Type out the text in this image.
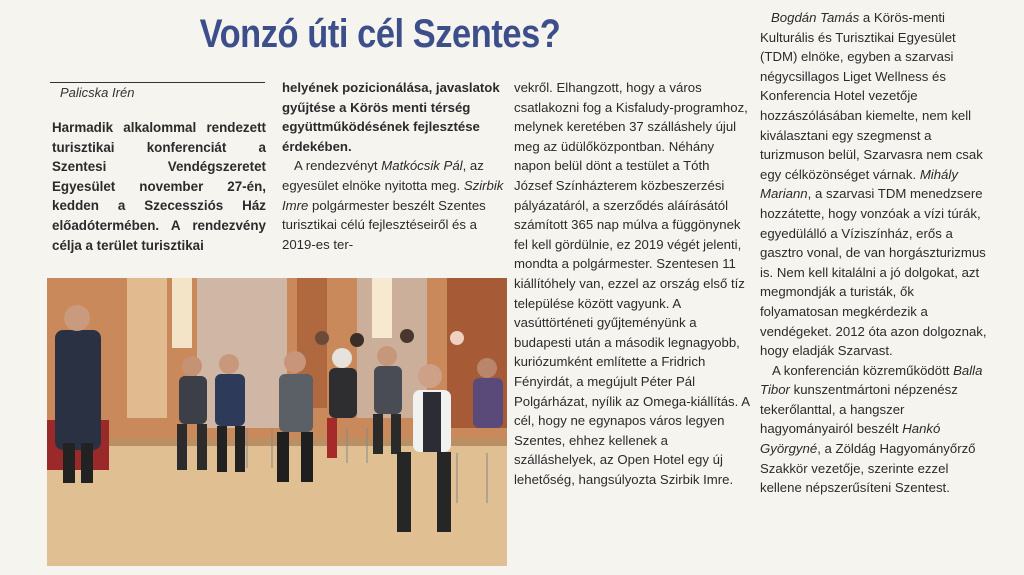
Vonzó úti cél Szentes?
Palicska Irén
Harmadik alkalommal rendezett turisztikai konferenciát a Szentesi Vendégszeretet Egyesület november 27-én, kedden a Szecessziós Ház előadótermében. A rendezvény célja a terület turisztikai

helyének pozicionálása, javaslatok gyűjtése a Körös menti térség együttműködésének fejlesztése érdekében.

A rendezvényt Matkócsik Pál, az egyesület elnöke nyitotta meg. Szirbik Imre polgármester beszélt Szentes turisztikai célú fejlesztéseiről és a 2019-es ter-

vekről. Elhangzott, hogy a város csatlakozni fog a Kisfaludy-programhoz, melynek keretében 37 szálláshely újul meg az üdülőközpontban. Néhány napon belül dönt a testület a Tóth József Színházterem közbeszerzési pályázatáról, a szerződés aláírásától számított 365 nap múlva a függönynek fel kell gördülnie, ez 2019 végét jelenti, mondta a polgármester. Szentesen 11 kiállítóhely van, ezzel az ország első tíz települése között vagyunk. A vasúttörténeti gyűjteményünk a budapesti után a második legnagyobb, kuriózumként említette a Fridrich Fényirdát, a megújult Péter Pál Polgárházat, nyílik az Omega-kiállítás. A cél, hogy ne egynapos város legyen Szentes, ehhez kellenek a szálláshelyek, az Open Hotel egy új lehetőség, hangsúlyozta Szirbik Imre.

Bogdán Tamás a Körös-menti Kulturális és Turisztikai Egyesület (TDM) elnöke, egyben a szarvasi négycsillagos Liget Wellness és Konferencia Hotel vezetője hozzászólásában kiemelte, nem kell kiválasztani egy szegmenst a turizmuson belül, Szarvasra nem csak egy célközönséget várnak. Mihály Mariann, a szarvasi TDM menedzsere hozzátette, hogy vonzóak a vízi túrák, egyedülálló a Víziszínház, erős a gasztro vonal, de van horgászturizmus is. Nem kell kitalálni a jó dolgokat, azt megmondják a turisták, ők folyamatosan megkérdezik a vendégeket. 2012 óta azon dolgoznak, hogy eladják Szarvast.

A konferencián közreműködött Balla Tibor kunszentmártoni népzenész tekerőlanttal, a hangszer hagyományairól beszélt Hankó Györgyné, a Zöldág Hagyományőrző Szakkör vezetője, szerinte ezzel kellene népszerűsíteni Szentest.
